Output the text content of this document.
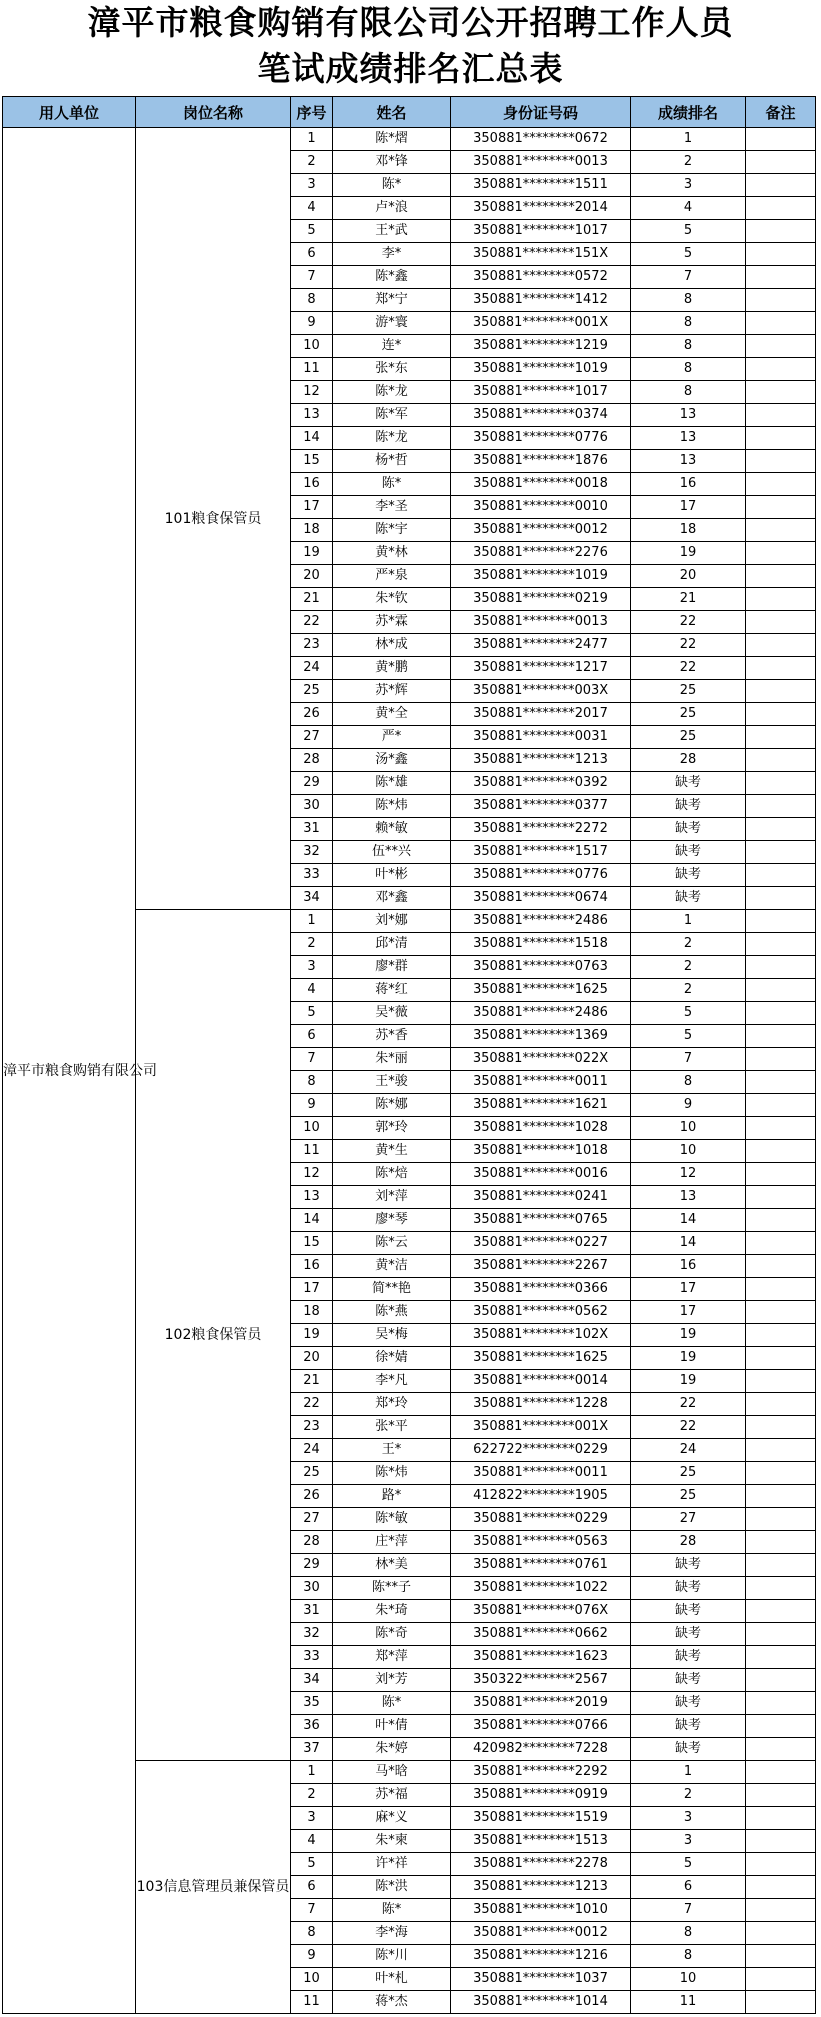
漳平市粮食购销有限公司公开招聘工作人员
笔试成绩排名汇总表
用人单位	岗位名称	序号	姓名	身份证号码	成绩排名	备注
漳平市粮食购销有限公司	101粮食保管员	1	陈*熠	350881********0672	1	
		2	邓*锋	350881********0013	2	
		3	陈*	350881********1511	3	
		4	卢*浪	350881********2014	4	
		5	王*武	350881********1017	5	
		6	李*	350881********151X	5	
		7	陈*鑫	350881********0572	7	
		8	郑*宁	350881********1412	8	
		9	游*寰	350881********001X	8	
		10	连*	350881********1219	8	
		11	张*东	350881********1019	8	
		12	陈*龙	350881********1017	8	
		13	陈*军	350881********0374	13	
		14	陈*龙	350881********0776	13	
		15	杨*哲	350881********1876	13	
		16	陈*	350881********0018	16	
		17	李*圣	350881********0010	17	
		18	陈*宇	350881********0012	18	
		19	黄*林	350881********2276	19	
		20	严*泉	350881********1019	20	
		21	朱*钦	350881********0219	21	
		22	苏*霖	350881********0013	22	
		23	林*成	350881********2477	22	
		24	黄*鹏	350881********1217	22	
		25	苏*辉	350881********003X	25	
		26	黄*全	350881********2017	25	
		27	严*	350881********0031	25	
		28	汤*鑫	350881********1213	28	
		29	陈*雄	350881********0392	缺考	
		30	陈*炜	350881********0377	缺考	
		31	赖*敏	350881********2272	缺考	
		32	伍**兴	350881********1517	缺考	
		33	叶*彬	350881********0776	缺考	
		34	邓*鑫	350881********0674	缺考	
	102粮食保管员	1	刘*娜	350881********2486	1	
		2	邱*清	350881********1518	2	
		3	廖*群	350881********0763	2	
		4	蒋*红	350881********1625	2	
		5	吴*薇	350881********2486	5	
		6	苏*香	350881********1369	5	
		7	朱*丽	350881********022X	7	
		8	王*骏	350881********0011	8	
		9	陈*娜	350881********1621	9	
		10	郭*玲	350881********1028	10	
		11	黄*生	350881********1018	10	
		12	陈*焙	350881********0016	12	
		13	刘*萍	350881********0241	13	
		14	廖*琴	350881********0765	14	
		15	陈*云	350881********0227	14	
		16	黄*洁	350881********2267	16	
		17	简**艳	350881********0366	17	
		18	陈*燕	350881********0562	17	
		19	吴*梅	350881********102X	19	
		20	徐*婧	350881********1625	19	
		21	李*凡	350881********0014	19	
		22	郑*玲	350881********1228	22	
		23	张*平	350881********001X	22	
		24	王*	622722********0229	24	
		25	陈*炜	350881********0011	25	
		26	路*	412822********1905	25	
		27	陈*敏	350881********0229	27	
		28	庄*萍	350881********0563	28	
		29	林*美	350881********0761	缺考	
		30	陈**子	350881********1022	缺考	
		31	朱*琦	350881********076X	缺考	
		32	陈*奇	350881********0662	缺考	
		33	郑*萍	350881********1623	缺考	
		34	刘*芳	350322********2567	缺考	
		35	陈*	350881********2019	缺考	
		36	叶*倩	350881********0766	缺考	
		37	朱*婷	420982********7228	缺考	
	103信息管理员兼保管员	1	马*晗	350881********2292	1	
		2	苏*福	350881********0919	2	
		3	麻*义	350881********1519	3	
		4	朱*柬	350881********1513	3	
		5	许*祥	350881********2278	5	
		6	陈*洪	350881********1213	6	
		7	陈*	350881********1010	7	
		8	李*海	350881********0012	8	
		9	陈*川	350881********1216	8	
		10	叶*札	350881********1037	10	
		11	蒋*杰	350881********1014	11	
